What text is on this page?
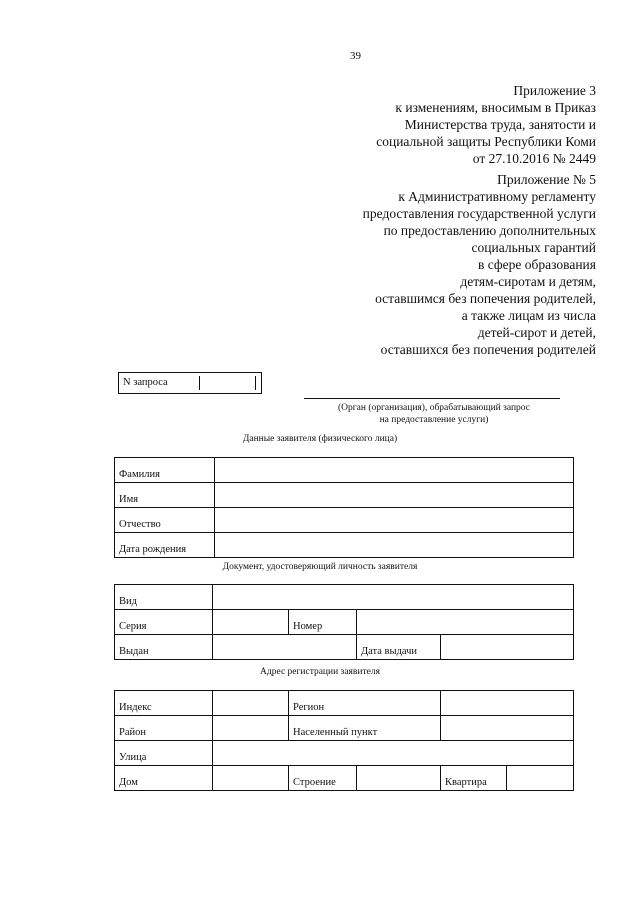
39
Приложение 3
к изменениям, вносимым в Приказ
Министерства труда, занятости и
социальной защиты Республики Коми
от 27.10.2016 № 2449
Приложение № 5
к Административному регламенту
предоставления государственной услуги
по предоставлению дополнительных
социальных гарантий
в сфере образования
детям-сиротам и детям,
оставшимся без попечения родителей,
а также лицам из числа
детей-сирот и детей,
оставшихся без попечения родителей
N запроса
(Орган (организация), обрабатывающий запрос
на предоставление услуги)
Данные заявителя (физического лица)
Фамилия	
Имя	
Отчество	
Дата рождения	
Документ, удостоверяющий личность заявителя
Вид				
Серия		Номер		
Выдан			Дата выдачи	
Адрес регистрации заявителя
Индекс		Регион			
Район		Населенный пункт			
Улица					
Дом		Строение		Квартира	
